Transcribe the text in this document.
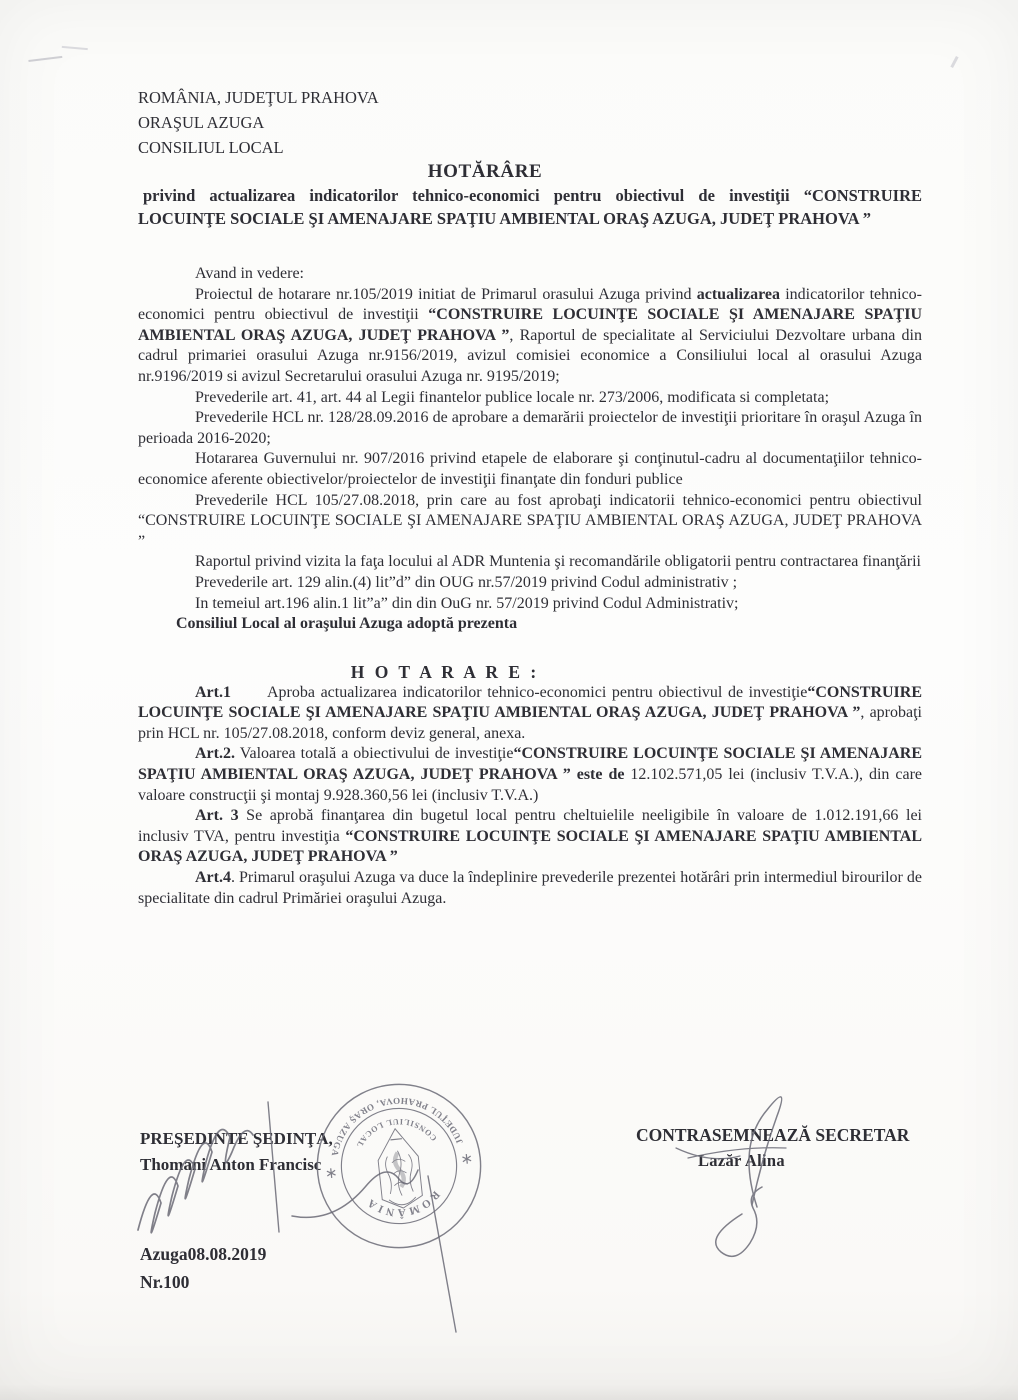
ROMÂNIA, JUDEŢUL PRAHOVA
ORAŞUL AZUGA
CONSILIUL LOCAL
HOTĂRÂRE

privind actualizarea indicatorilor tehnico-economici pentru obiectivul de investiţii “CONSTRUIRE LOCUINŢE SOCIALE ŞI AMENAJARE SPAŢIU AMBIENTAL ORAŞ AZUGA, JUDEŢ PRAHOVA ”

Avand in vedere:

Proiectul de hotarare nr.105/2019 initiat de Primarul orasului Azuga privind actualizarea indicatorilor tehnico-economici pentru obiectivul de investiţii “CONSTRUIRE LOCUINŢE SOCIALE ŞI AMENAJARE SPAŢIU AMBIENTAL ORAŞ AZUGA, JUDEŢ PRAHOVA ”, Raportul de specialitate al Serviciului Dezvoltare urbana din cadrul primariei orasului Azuga nr.9156/2019, avizul comisiei economice a Consiliului local al orasului Azuga nr.9196/2019 si avizul Secretarului orasului Azuga nr. 9195/2019;

Prevederile art. 41, art. 44 al Legii finantelor publice locale nr. 273/2006, modificata si completata;

Prevederile HCL nr. 128/28.09.2016 de aprobare a demarării proiectelor de investiţii prioritare în oraşul Azuga în perioada 2016-2020;

Hotararea Guvernului nr. 907/2016 privind etapele de elaborare şi conţinutul-cadru al documentaţiilor tehnico-economice aferente obiectivelor/proiectelor de investiţii finanţate din fonduri publice

Prevederile HCL 105/27.08.2018, prin care au fost aprobaţi indicatorii tehnico-economici pentru obiectivul “CONSTRUIRE LOCUINŢE SOCIALE ŞI AMENAJARE SPAŢIU AMBIENTAL ORAŞ AZUGA, JUDEŢ PRAHOVA ”

Raportul privind vizita la faţa locului al ADR Muntenia şi recomandările obligatorii pentru contractarea finanţării

Prevederile art. 129 alin.(4) lit”d” din OUG nr.57/2019 privind Codul administrativ ;

In temeiul art.196 alin.1 lit”a” din din OuG nr. 57/2019 privind Codul Administrativ;

Consiliul Local al oraşului Azuga adoptă prezenta

H O T A R A R E :

Art.1 Aproba actualizarea indicatorilor tehnico-economici pentru obiectivul de investiţie“CONSTRUIRE LOCUINŢE SOCIALE ŞI AMENAJARE SPAŢIU AMBIENTAL ORAŞ AZUGA, JUDEŢ PRAHOVA ”, aprobaţi prin HCL nr. 105/27.08.2018, conform deviz general, anexa.

Art.2. Valoarea totală a obiectivului de investiţie“CONSTRUIRE LOCUINŢE SOCIALE ŞI AMENAJARE SPAŢIU AMBIENTAL ORAŞ AZUGA, JUDEŢ PRAHOVA ” este de 12.102.571,05 lei (inclusiv T.V.A.), din care valoare construcţii şi montaj 9.928.360,56 lei (inclusiv T.V.A.)

Art. 3 Se aprobă finanţarea din bugetul local pentru cheltuielile neeligibile în valoare de 1.012.191,66 lei inclusiv TVA, pentru investiţia “CONSTRUIRE LOCUINŢE SOCIALE ŞI AMENAJARE SPAŢIU AMBIENTAL ORAŞ AZUGA, JUDEŢ PRAHOVA ”

Art.4. Primarul oraşului Azuga va duce la îndeplinire prevederile prezentei hotărâri prin intermediul birourilor de specialitate din cadrul Primăriei oraşului Azuga.

PREŞEDINTE ŞEDINŢA,
Thomani Anton Francisc
CONTRASEMNEAZĂ SECRETAR
Lazăr Alina
Azuga08.08.2019
Nr.100
JUDEŢUL PRAHOVA, ORAŞ AZUGA
CONSILIUL LOCAL
ROMÂNIA
